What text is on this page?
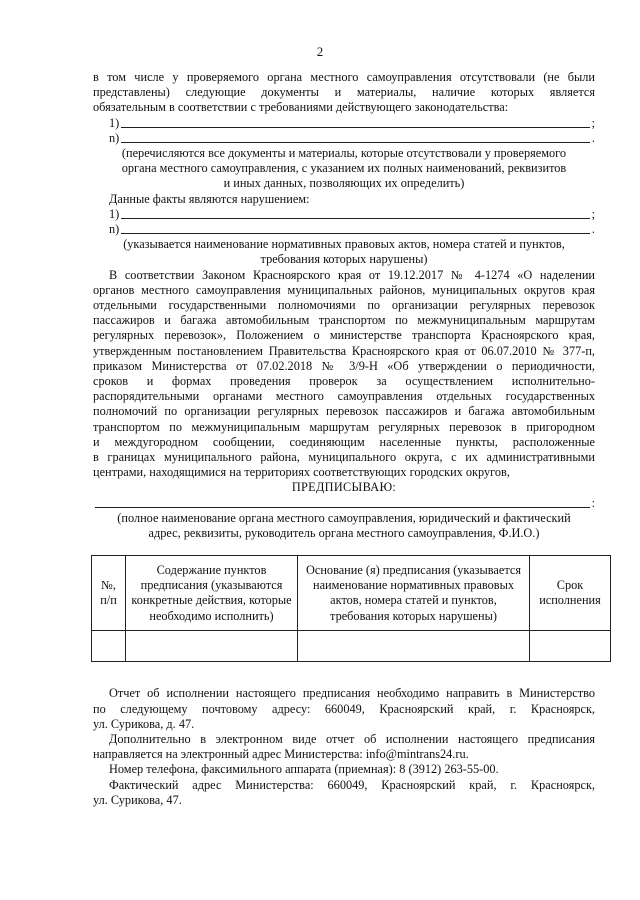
2

в том числе у проверяемого органа местного самоуправления отсутствовали (не были

представлены) следующие документы и материалы, наличие которых является

обязательным в соответствии с требованиями действующего законодательства:

1)	;
n)	.

(перечисляются все документы и материалы, которые отсутствовали у проверяемого

органа местного самоуправления, с указанием их полных наименований, реквизитов

и иных данных, позволяющих их определить)

Данные факты являются нарушением:

1)	;
n)	.

(указывается наименование нормативных правовых актов, номера статей и пунктов,

требования которых нарушены)

В соответствии Законом Красноярского края от 19.12.2017 № 4-1274 «О наделении

органов местного самоуправления муниципальных районов, муниципальных округов края

отдельными государственными полномочиями по организации регулярных перевозок

пассажиров и багажа автомобильным транспортом по межмуниципальным маршрутам

регулярных перевозок», Положением о министерстве транспорта Красноярского края,

утвержденным постановлением Правительства Красноярского края от 06.07.2010 № 377-п,

приказом Министерства от 07.02.2018 № 3/9-Н «Об утверждении о периодичности,

сроков и формах проведения проверок за осуществлением исполнительно-

распорядительными органами местного самоуправления отдельных государственных

полномочий по организации регулярных перевозок пассажиров и багажа автомобильным

транспортом по межмуниципальным маршрутам регулярных перевозок в пригородном

и междугородном сообщении, соединяющим населенные пункты, расположенные

в границах муниципального района, муниципального округа, с их административными

центрами, находящимися на территориях соответствующих городских округов,

ПРЕДПИСЫВАЮ:

:

(полное наименование органа местного самоуправления, юридический и фактический

адрес, реквизиты, руководитель органа местного самоуправления, Ф.И.О.)

№, п/п	Содержание пунктов предписания (указываются конкретные действия, которые необходимо исполнить)	Основание (я) предписания (указывается наименование нормативных правовых актов, номера статей и пунктов, требования которых нарушены)	Срок исполнения

Отчет об исполнении настоящего предписания необходимо направить в Министерство

по следующему почтовому адресу: 660049, Красноярский край, г. Красноярск,

ул. Сурикова, д. 47.

Дополнительно в электронном виде отчет об исполнении настоящего предписания

направляется на электронный адрес Министерства: info@mintrans24.ru.

Номер телефона, факсимильного аппарата (приемная): 8 (3912) 263-55-00.

Фактический адрес Министерства: 660049, Красноярский край, г. Красноярск,

ул. Сурикова, 47.
